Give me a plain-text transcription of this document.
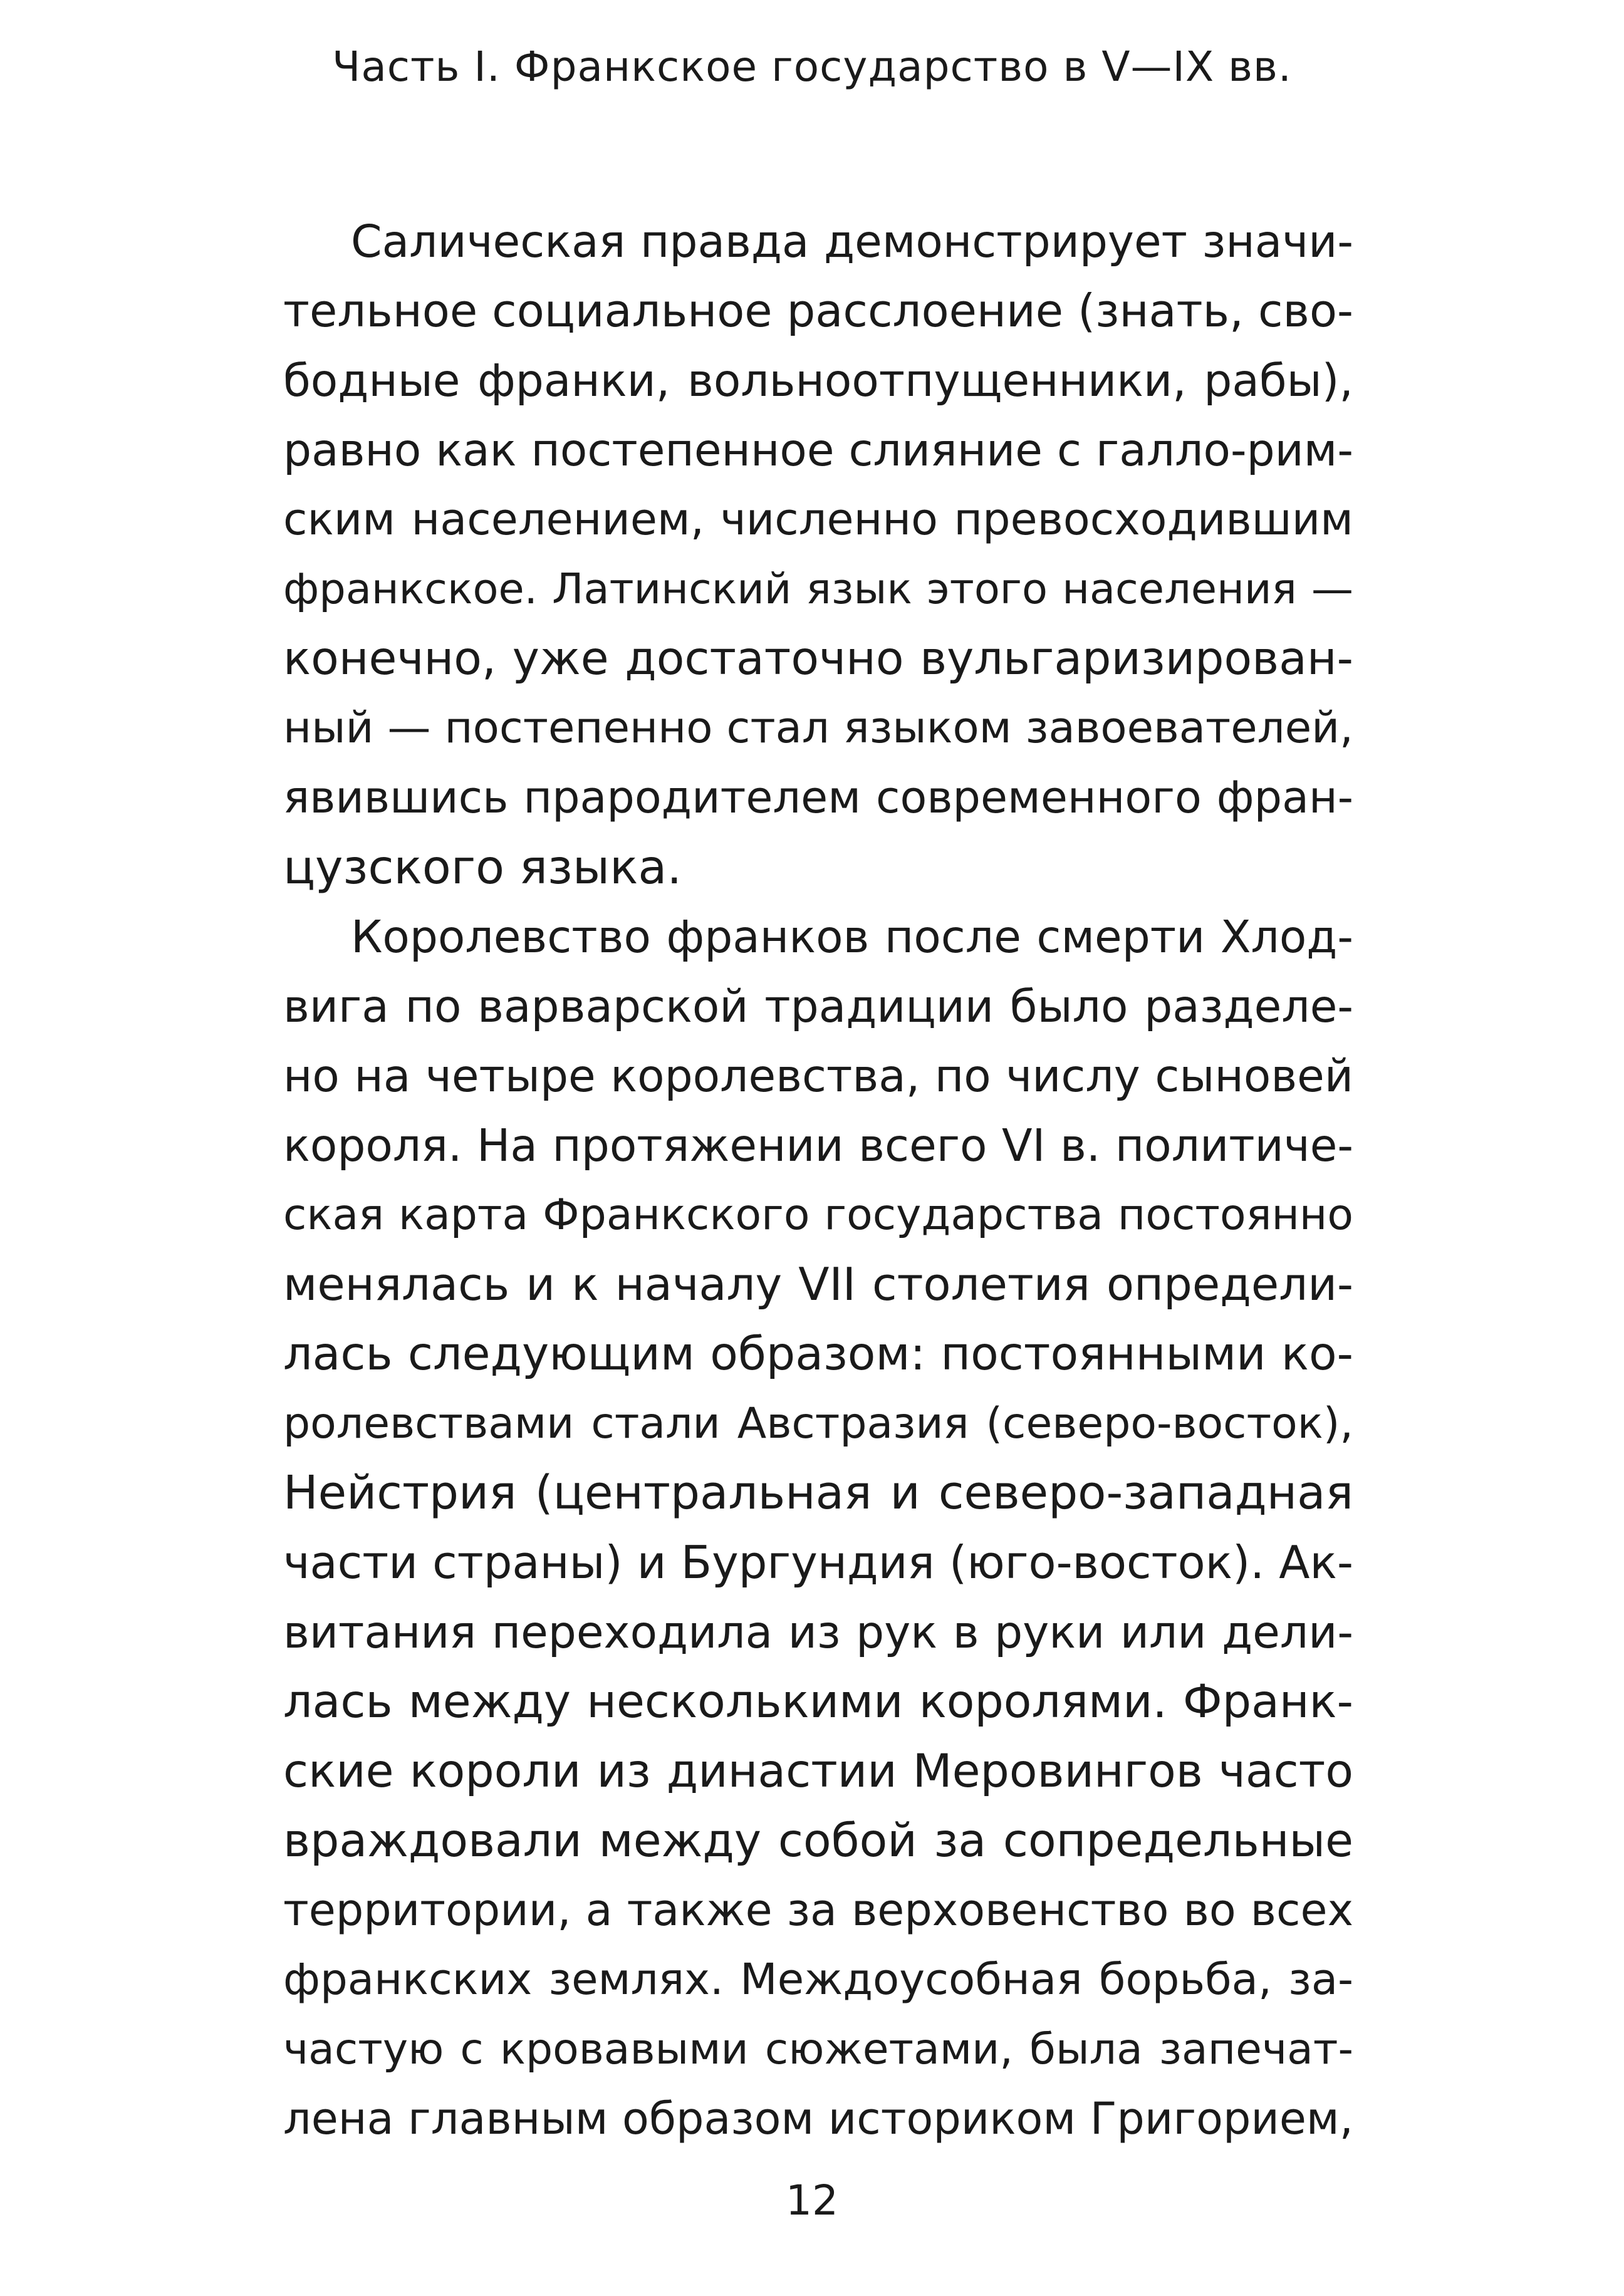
Часть I. Франкское государство в V—IX вв.

Салическая правда демонстрирует значи-
тельное социальное расслоение (знать, сво-
бодные франки, вольноотпущенники, рабы),
равно как постепенное слияние с галло-рим-
ским населением, численно превосходившим
франкское. Латинский язык этого населения —
конечно, уже достаточно вульгаризирован-
ный — постепенно стал языком завоевателей,
явившись прародителем современного фран-
цузского языка.

Королевство франков после смерти Хлод-
вига по варварской традиции было разделе-
но на четыре королевства, по числу сыновей
короля. На протяжении всего VI в. политиче-
ская карта Франкского государства постоянно
менялась и к началу VII столетия определи-
лась следующим образом: постоянными ко-
ролевствами стали Австразия (северо-восток),
Нейстрия (центральная и северо-западная
части страны) и Бургундия (юго-восток). Ак-
витания переходила из рук в руки или дели-
лась между несколькими королями. Франк-
ские короли из династии Меровингов часто
враждовали между собой за сопредельные
территории, а также за верховенство во всех
франкских землях. Междоусобная борьба, за-
частую с кровавыми сюжетами, была запечат-
лена главным образом историком Григорием,

12
